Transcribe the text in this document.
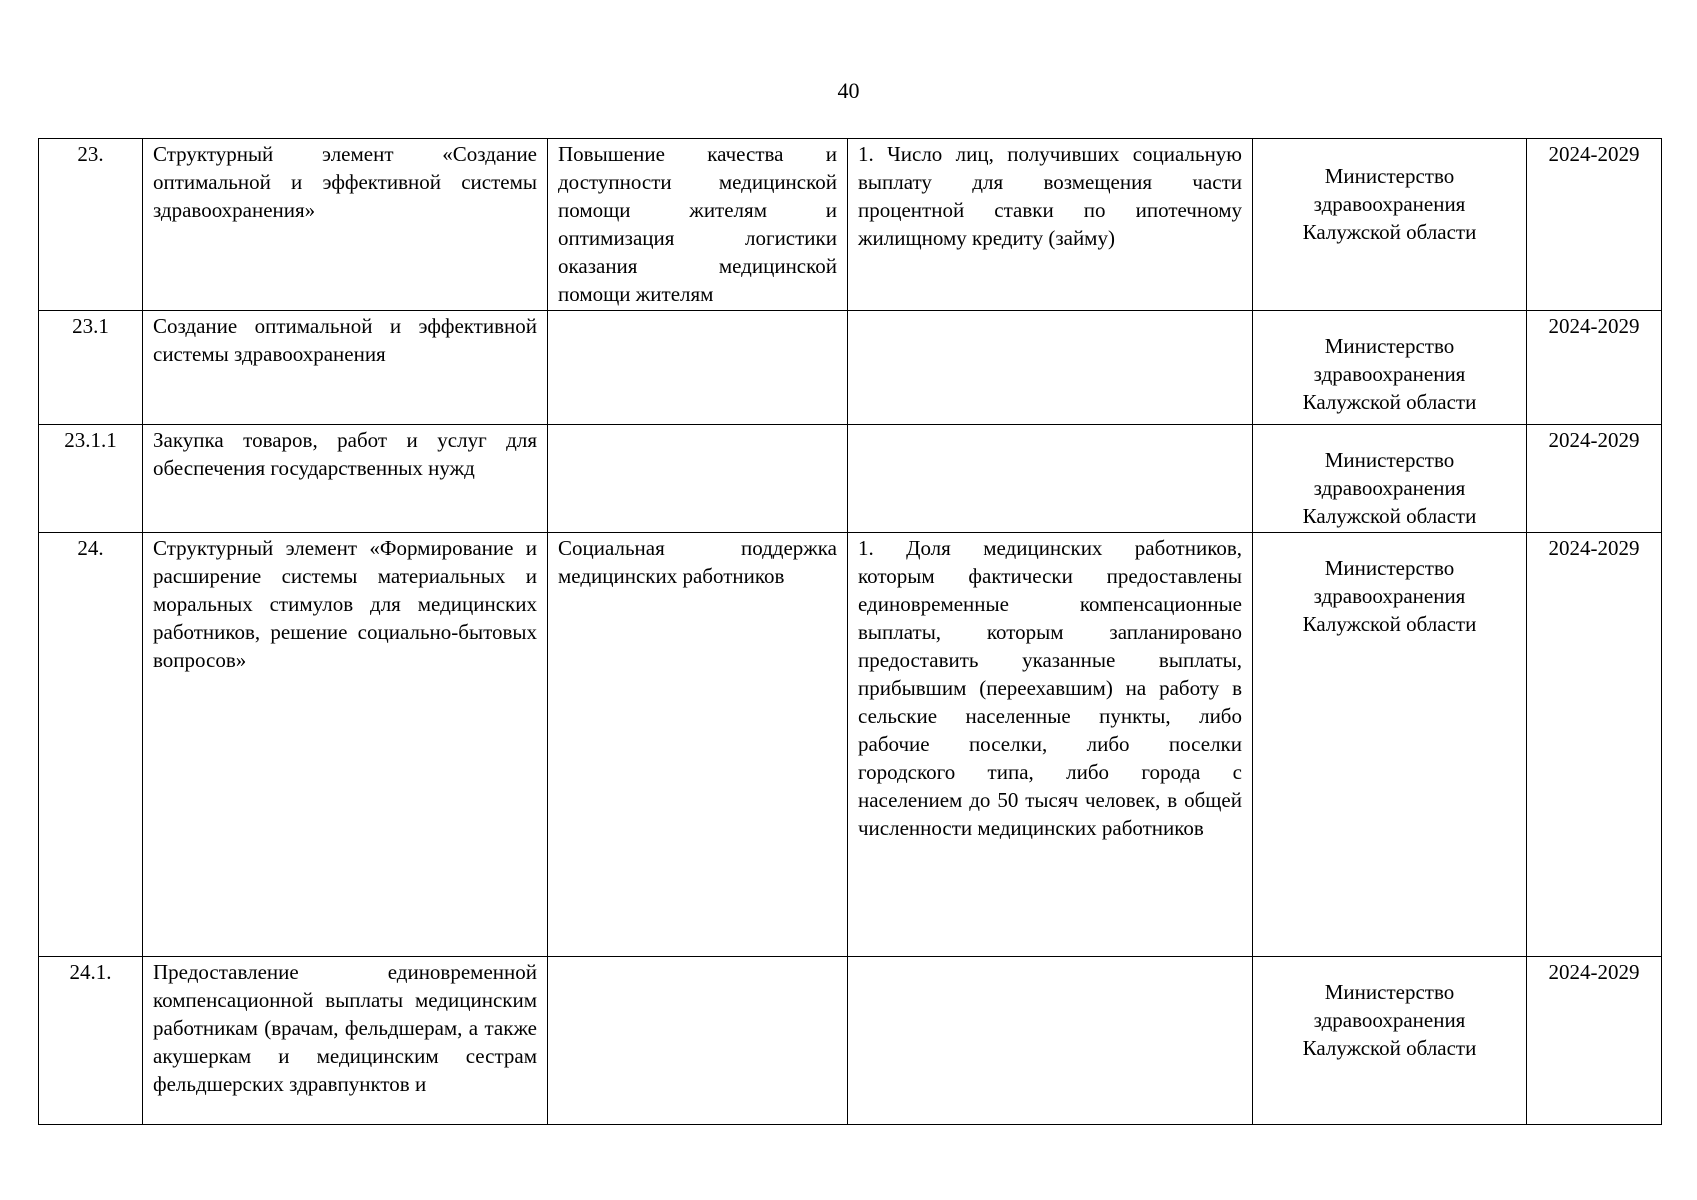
40
23.	Структурный элемент «Создание оптимальной и эффективной системы здравоохранения»	Повышение качества и доступности медицинской помощи жителям и оптимизация логистики оказания медицинской помощи жителям	1. Число лиц, получивших социальную выплату для возмещения части процентной ставки по ипотечному жилищному кредиту (займу)	Министерство здравоохранения Калужской области	2024-2029
23.1	Создание оптимальной и эффективной системы здравоохранения			Министерство здравоохранения Калужской области	2024-2029
23.1.1	Закупка товаров, работ и услуг для обеспечения государственных нужд			Министерство здравоохранения Калужской области	2024-2029
24.	Структурный элемент «Формирование и расширение системы материальных и моральных стимулов для медицинских работников, решение социально-бытовых вопросов»	Социальная поддержка медицинских работников	1. Доля медицинских работников, которым фактически предоставлены единовременные компенсационные выплаты, которым запланировано предоставить указанные выплаты, прибывшим (переехавшим) на работу в сельские населенные пункты, либо рабочие поселки, либо поселки городского типа, либо города с населением до 50 тысяч человек, в общей численности медицинских работников	Министерство здравоохранения Калужской области	2024-2029
24.1.	Предоставление единовременной компенсационной выплаты медицинским работникам (врачам, фельдшерам, а также акушеркам и медицинским сестрам фельдшерских здравпунктов и			Министерство здравоохранения Калужской области	2024-2029
